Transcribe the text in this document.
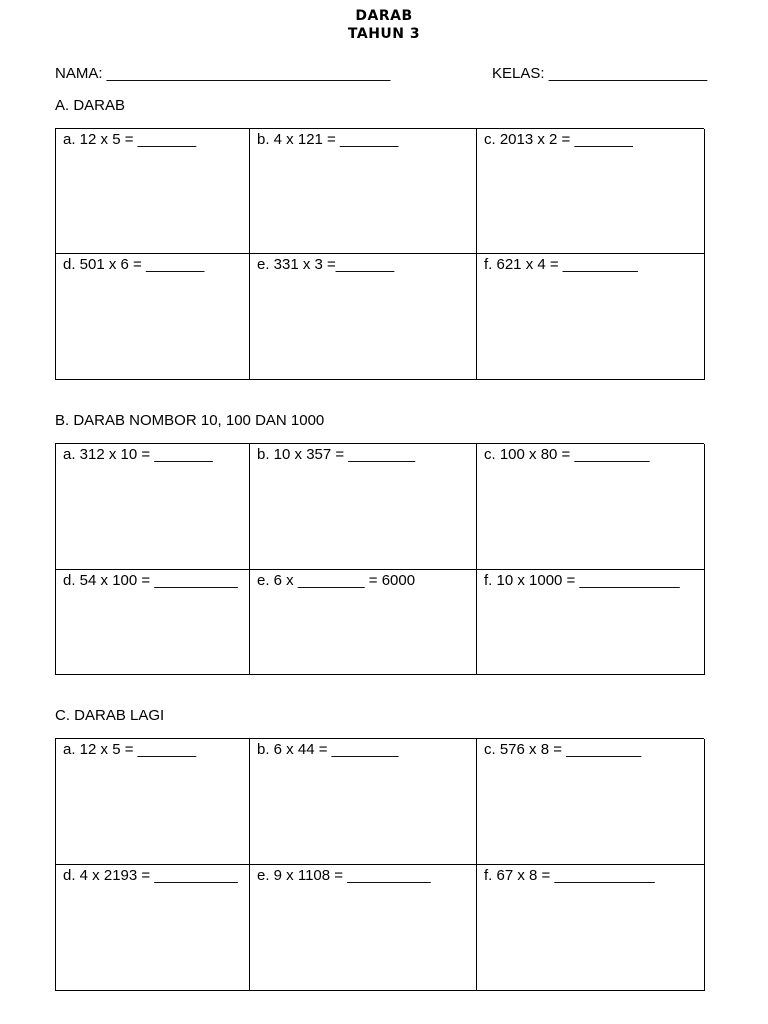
DARAB
TAHUN 3
NAMA: __________________________________	KELAS: ___________________
A. DARAB
a. 12 x 5 = _______	b. 4 x 121 = _______	c. 2013 x 2 = _______
d. 501 x 6 = _______	e. 331 x 3 =_______	f. 621 x 4 = _________
B. DARAB NOMBOR 10, 100 DAN 1000
a. 312 x 10 = _______	b. 10 x 357 = ________	c. 100 x 80 = _________
d. 54 x 100 = __________	e. 6 x ________ = 6000	f. 10 x 1000 = ____________
C. DARAB LAGI
a. 12 x 5 = _______	b. 6 x 44 = ________	c. 576 x 8 = _________
d. 4 x 2193 = __________	e. 9 x 1108 = __________	f. 67 x 8 = ____________
